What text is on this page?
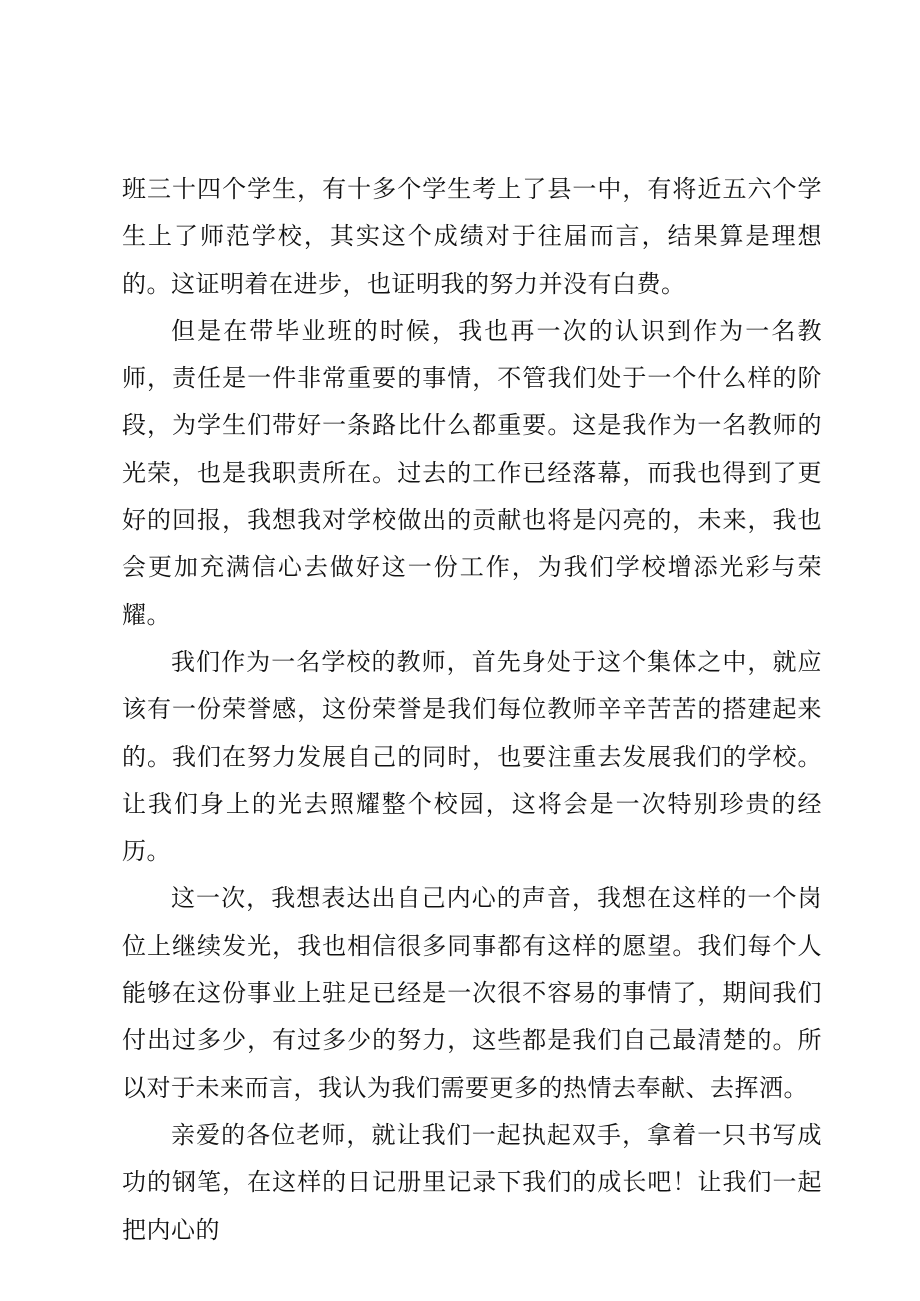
班三十四个学生，有十多个学生考上了县一中，有将近五六个学生上了师范学校，其实这个成绩对于往届而言，结果算是理想的。这证明着在进步，也证明我的努力并没有白费。

但是在带毕业班的时候，我也再一次的认识到作为一名教师，责任是一件非常重要的事情，不管我们处于一个什么样的阶段，为学生们带好一条路比什么都重要。这是我作为一名教师的光荣，也是我职责所在。过去的工作已经落幕，而我也得到了更好的回报，我想我对学校做出的贡献也将是闪亮的，未来，我也会更加充满信心去做好这一份工作，为我们学校增添光彩与荣耀。

我们作为一名学校的教师，首先身处于这个集体之中，就应该有一份荣誉感，这份荣誉是我们每位教师辛辛苦苦的搭建起来的。我们在努力发展自己的同时，也要注重去发展我们的学校。让我们身上的光去照耀整个校园，这将会是一次特别珍贵的经历。

这一次，我想表达出自己内心的声音，我想在这样的一个岗位上继续发光，我也相信很多同事都有这样的愿望。我们每个人能够在这份事业上驻足已经是一次很不容易的事情了，期间我们付出过多少，有过多少的努力，这些都是我们自己最清楚的。所以对于未来而言，我认为我们需要更多的热情去奉献、去挥洒。

亲爱的各位老师，就让我们一起执起双手，拿着一只书写成功的钢笔，在这样的日记册里记录下我们的成长吧！让我们一起把内心的
